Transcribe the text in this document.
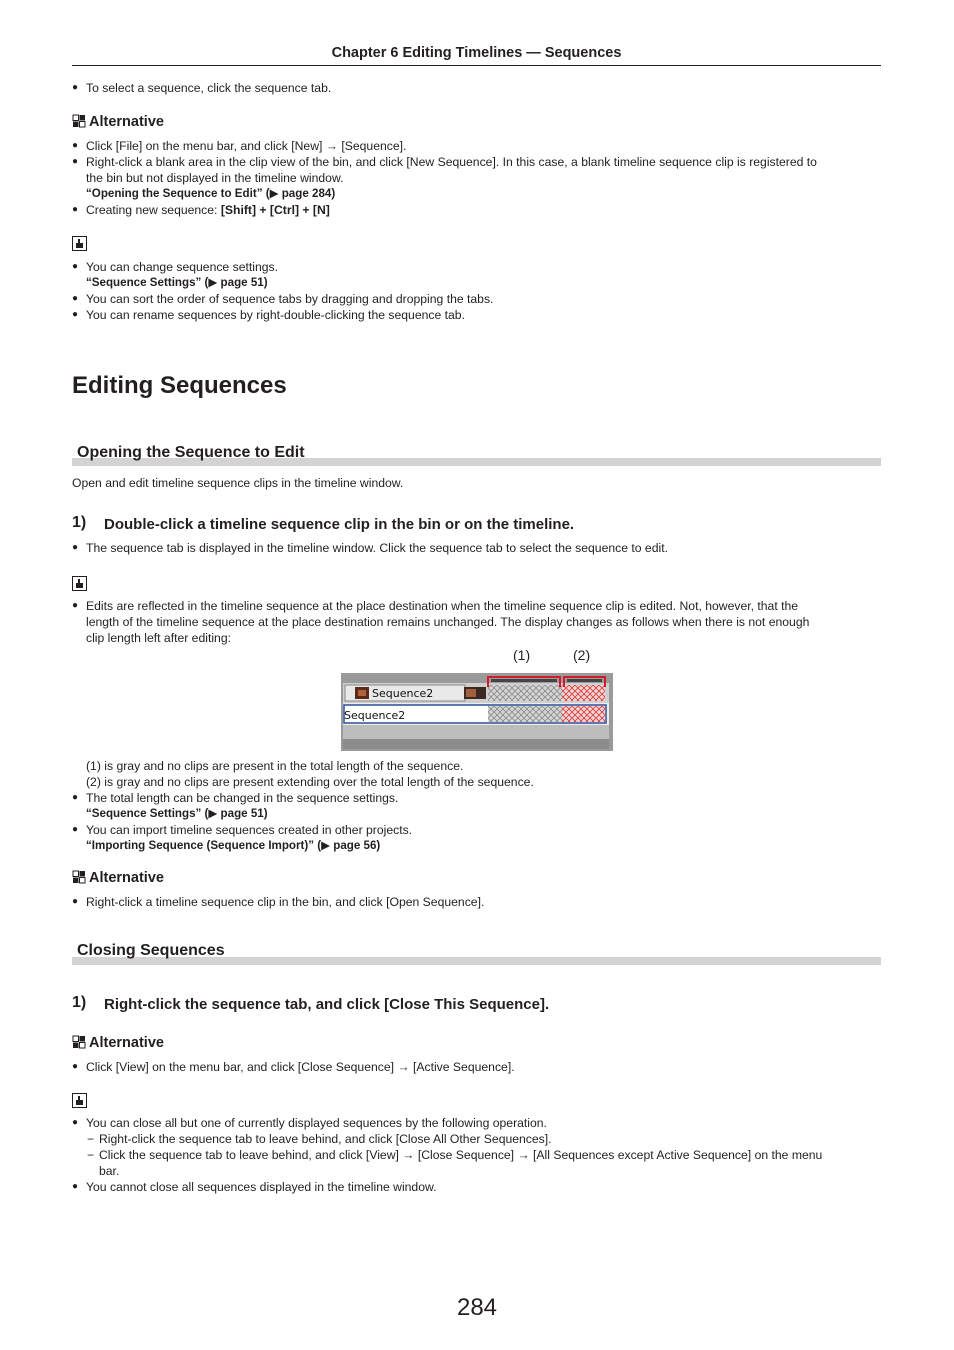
Chapter 6 Editing Timelines — Sequences
● To select a sequence, click the sequence tab.
Alternative
● Click [File] on the menu bar, and click [New] → [Sequence].
● Right-click a blank area in the clip view of the bin, and click [New Sequence]. In this case, a blank timeline sequence clip is registered to
the bin but not displayed in the timeline window.
“Opening the Sequence to Edit” (▶ page 284)
● Creating new sequence: [Shift] + [Ctrl] + [N]
● You can change sequence settings.
“Sequence Settings” (▶ page 51)
● You can sort the order of sequence tabs by dragging and dropping the tabs.
● You can rename sequences by right-double-clicking the sequence tab.
Editing Sequences
Opening the Sequence to Edit
Open and edit timeline sequence clips in the timeline window.
1) Double-click a timeline sequence clip in the bin or on the timeline.
● The sequence tab is displayed in the timeline window. Click the sequence tab to select the sequence to edit.
● Edits are reflected in the timeline sequence at the place destination when the timeline sequence clip is edited. Not, however, that the
length of the timeline sequence at the place destination remains unchanged. The display changes as follows when there is not enough
clip length left after editing:
(1)	(2)
Sequence2
Sequence2
(1) is gray and no clips are present in the total length of the sequence.
(2) is gray and no clips are present extending over the total length of the sequence.
● The total length can be changed in the sequence settings.
“Sequence Settings” (▶ page 51)
● You can import timeline sequences created in other projects.
“Importing Sequence (Sequence Import)” (▶ page 56)
Alternative
● Right-click a timeline sequence clip in the bin, and click [Open Sequence].
Closing Sequences
1) Right-click the sequence tab, and click [Close This Sequence].
Alternative
● Click [View] on the menu bar, and click [Close Sequence] → [Active Sequence].
● You can close all but one of currently displayed sequences by the following operation.
− Right-click the sequence tab to leave behind, and click [Close All Other Sequences].
− Click the sequence tab to leave behind, and click [View] → [Close Sequence] → [All Sequences except Active Sequence] on the menu
bar.
● You cannot close all sequences displayed in the timeline window.
284
